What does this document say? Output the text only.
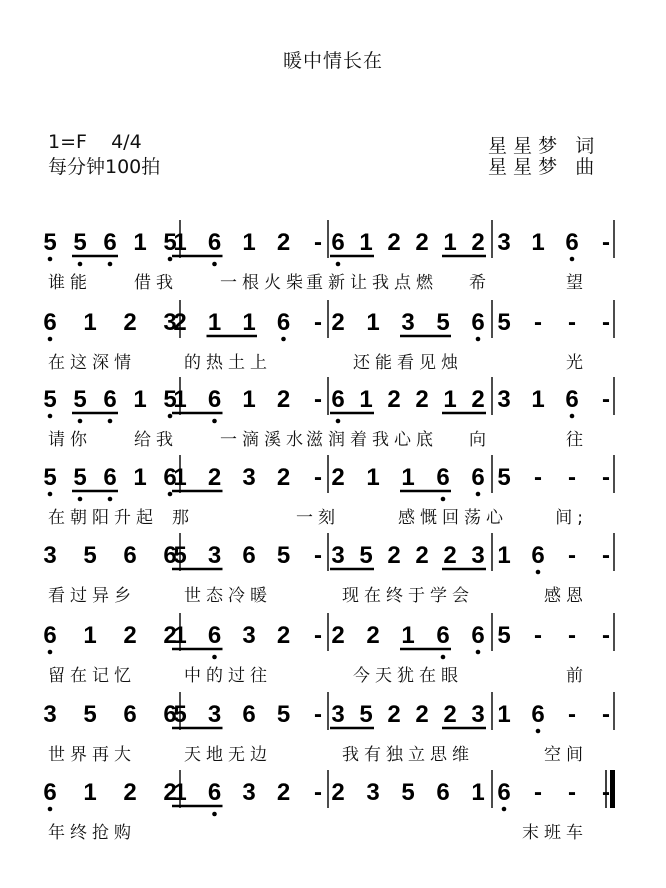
暖中情长在
1=F    4/4
每分钟100拍
星 星 梦   词
星 星 梦   曲
5 5 6 1 5
1 6 1 2 - 6 1 2 2 1 2 3 1 6 -
谁能 借我 一根火柴
重新让我点燃 希	望
6 1 2 3
2 1 1 6 - 2 1 3 5 6 5 - - -
在这深情	的热土上	还能看见烛	光
5 5 6 1 5
1 6 1 2 - 6 1 2 2 1 2 3 1 6 -
请你 给我 一滴溪水
滋润着我心底 向	往
5 5 6 1 6
1 2 3 2 - 2 1 1 6 6 5 - - -
在朝阳升起 那	一刻	感慨回荡心	间;
3 5 6 6
5 3 6 5 - 3 5 2 2 2 3 1 6 - -
看过异乡	世态冷暖	现在终于学会	感恩
6 1 2 2
1 6 3 2 - 2 2 1 6 6 5 - - -
留在记忆	中的过往	今天犹在眼	前
3 5 6 6
5 3 6 5 - 3 5 2 2 2 3 1 6 - -
世界再大	天地无边	我有独立思维	空间
6 1 2 2
1 6 3 2 - 2 3 5 6 1 6 - - -
年终抢购	末班车
